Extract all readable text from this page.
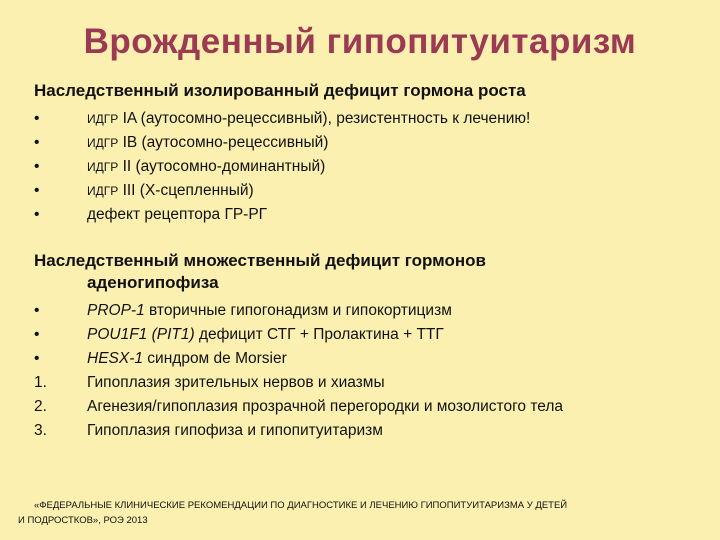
Врожденный гипопитуитаризм
Наследственный изолированный дефицит гормона роста
•	ИДГР IA (аутосомно-рецессивный), резистентность к лечению!
•	ИДГР IB (аутосомно-рецессивный)
•	ИДГР II (аутосомно-доминантный)
•	ИДГР III (Х-сцепленный)
•	дефект рецептора ГР-РГ
Наследственный множественный дефицит гормонов
аденогипофиза
•	PROP-1 вторичные гипогонадизм и гипокортицизм
•	POU1F1 (PIT1) дефицит СТГ + Пролактина + ТТГ
•	HESX-1 синдром de Morsier
1.	Гипоплазия зрительных нервов и хиазмы
2.	Агенезия/гипоплазия прозрачной перегородки и мозолистого тела
3.	Гипоплазия гипофиза и гипопитуитаризм
«ФЕДЕРАЛЬНЫЕ КЛИНИЧЕСКИЕ РЕКОМЕНДАЦИИ ПО ДИАГНОСТИКЕ И ЛЕЧЕНИЮ ГИПОПИТУИТАРИЗМА У ДЕТЕЙ
И ПОДРОСТКОВ», РОЭ 2013
